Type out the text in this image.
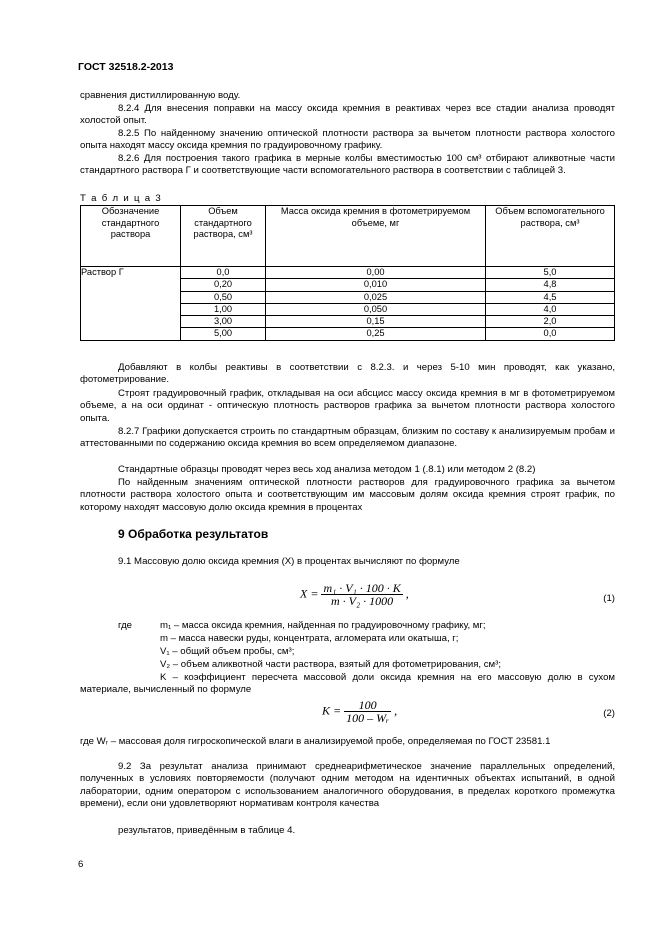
ГОСТ 32518.2-2013
сравнения дистиллированную воду.
8.2.4 Для внесения поправки на массу оксида кремния в реактивах через все стадии анализа проводят холостой опыт.
8.2.5 По найденному значению оптической плотности раствора за вычетом плотности раствора холостого опыта находят массу оксида кремния по градуировочному графику.
8.2.6 Для построения такого графика в мерные колбы вместимостью 100 см³ отбирают аликвотные части стандартного раствора Г и соответствующие части вспомогательного раствора в соответствии с таблицей 3.
Т а б л и ц а 3
Обозначение стандартного раствора	Объем стандартного раствора, см³	Масса оксида кремния в фотометрируемом объеме, мг	Объем вспомогательного раствора, см³
Раствор Г	0,0	0,00	5,0
	0,20	0,010	4,8
	0,50	0,025	4,5
	1,00	0,050	4,0
	3,00	0,15	2,0
	5,00	0,25	0,0
Добавляют в колбы реактивы в соответствии с 8.2.3. и через 5-10 мин проводят, как указано, фотометрирование.
Строят градуировочный график, откладывая на оси абсцисс массу оксида кремния в мг в фотометрируемом объеме, а на оси ординат - оптическую плотность растворов графика за вычетом плотности раствора холостого опыта.
8.2.7 Графики допускается строить по стандартным образцам, близким по составу к анализируемым пробам и аттестованными по содержанию оксида кремния во всем определяемом диапазоне.
Стандартные образцы проводят через весь ход анализа методом 1 (.8.1) или методом 2 (8.2)
По найденным значениям оптической плотности растворов для градуировочного графика за вычетом плотности раствора холостого опыта и соответствующим им массовым долям оксида кремния строят график, по которому находят массовую долю оксида кремния в процентах
9 Обработка результатов
9.1 Массовую долю оксида кремния (X) в процентах вычисляют по формуле
$X = \frac{\text{m₁ · V₁ · 100 · K}}{\text{m · V₂ · 1000}}$ ,	(1)
где	m₁ – масса оксида кремния, найденная по градуировочному графику, мг;
m – масса навески руды, концентрата, агломерата или окатыша, г;
V₁ – общий объем пробы, см³;
V₂ – объем аликвотной части раствора, взятый для фотометрирования, см³;
K – коэффициент пересчета массовой доли оксида кремния на его массовую долю в сухом материале, вычисленный по формуле
$K = \frac{100}{\text{100 – Wᵣ}}$ ,	(2)
где Wᵣ – массовая доля гигроскопической влаги в анализируемой пробе, определяемая по ГОСТ 23581.1
9.2 За результат анализа принимают среднеарифметическое значение параллельных определений, полученных в условиях повторяемости (получают одним методом на идентичных объектах испытаний, в одной лаборатории, одним оператором с использованием аналогичного оборудования, в пределах короткого промежутка времени), если они удовлетворяют нормативам контроля качества
результатов, приведённым в таблице 4.
6
